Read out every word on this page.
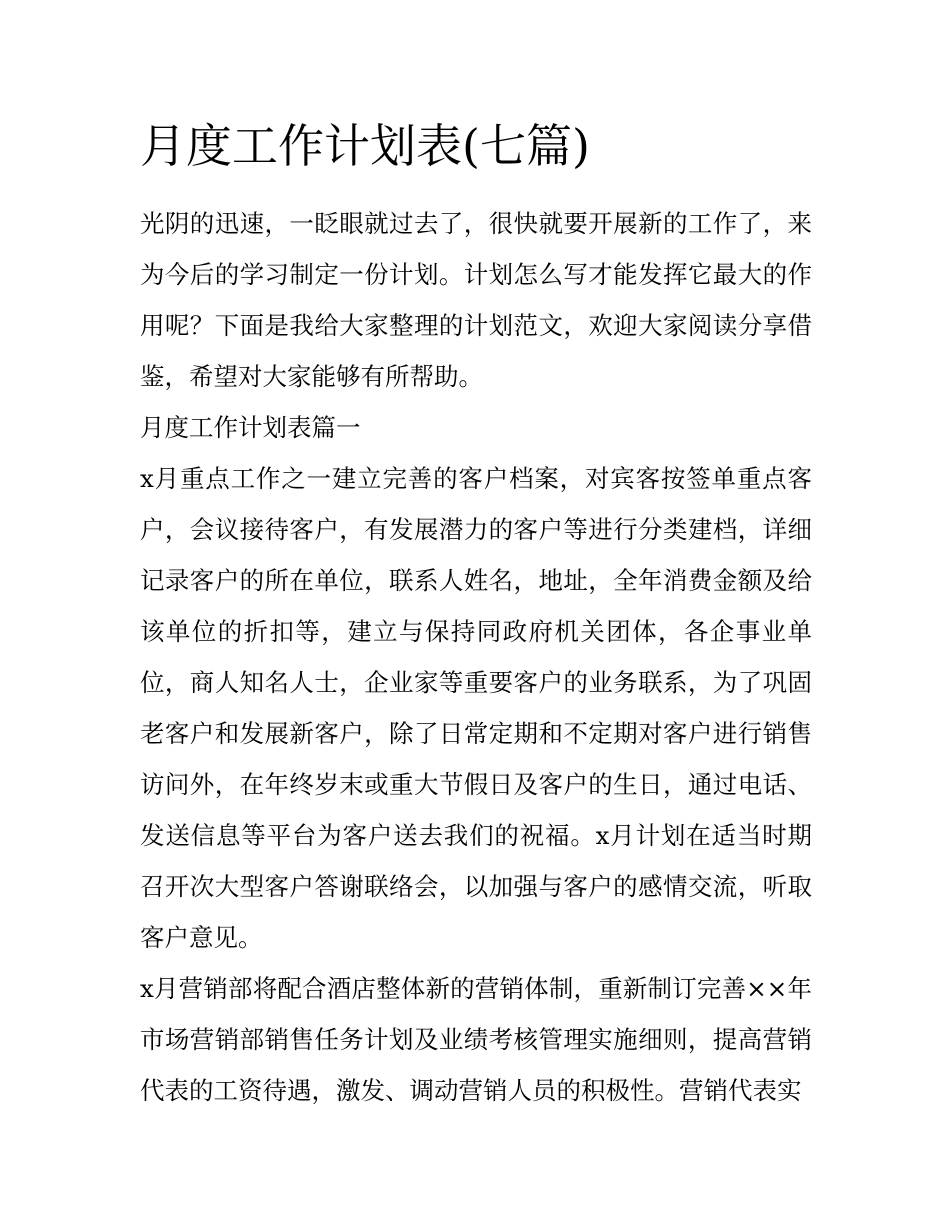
月度工作计划表(七篇)

光阴的迅速，一眨眼就过去了，很快就要开展新的工作了，来为今后的学习制定一份计划。计划怎么写才能发挥它最大的作用呢？下面是我给大家整理的计划范文，欢迎大家阅读分享借鉴，希望对大家能够有所帮助。

月度工作计划表篇一

x月重点工作之一建立完善的客户档案，对宾客按签单重点客户，会议接待客户，有发展潜力的客户等进行分类建档，详细记录客户的所在单位，联系人姓名，地址，全年消费金额及给该单位的折扣等，建立与保持同政府机关团体，各企事业单位，商人知名人士，企业家等重要客户的业务联系，为了巩固老客户和发展新客户，除了日常定期和不定期对客户进行销售访问外，在年终岁末或重大节假日及客户的生日，通过电话、发送信息等平台为客户送去我们的祝福。x月计划在适当时期召开次大型客户答谢联络会，以加强与客户的感情交流，听取客户意见。

x月营销部将配合酒店整体新的营销体制，重新制订完善××年市场营销部销售任务计划及业绩考核管理实施细则，提高营销代表的工资待遇，激发、调动营销人员的积极性。营销代表实
